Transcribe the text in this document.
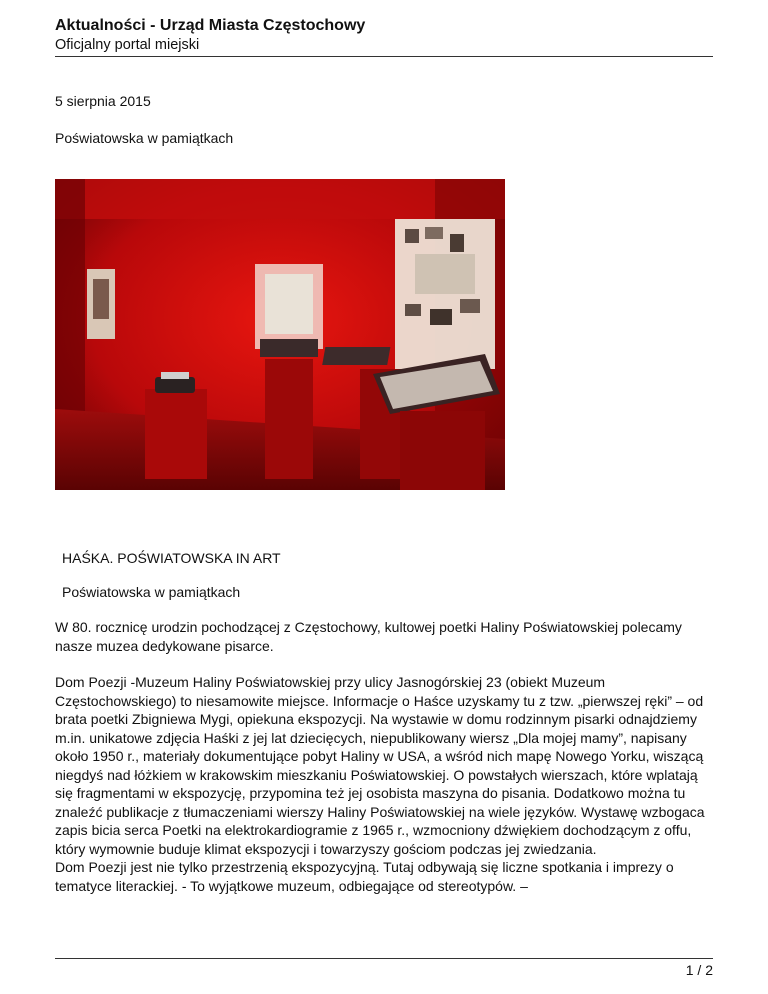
Aktualności - Urząd Miasta Częstochowy
Oficjalny portal miejski
5 sierpnia 2015
Poświatowska w pamiątkach
HAŚKA. POŚWIATOWSKA IN ART
Poświatowska w pamiątkach

W 80. rocznicę urodzin pochodzącej z Częstochowy, kultowej poetki Haliny Poświatowskiej polecamy nasze muzea dedykowane pisarce.

Dom Poezji -Muzeum Haliny Poświatowskiej przy ulicy Jasnogórskiej 23 (obiekt Muzeum Częstochowskiego) to niesamowite miejsce. Informacje o Haśce uzyskamy tu z tzw. „pierwszej ręki” – od brata poetki Zbigniewa Mygi, opiekuna ekspozycji. Na wystawie w domu rodzinnym pisarki odnajdziemy m.in. unikatowe zdjęcia Haśki z jej lat dziecięcych, niepublikowany wiersz „Dla mojej mamy”, napisany około 1950 r., materiały dokumentujące pobyt Haliny w USA, a wśród nich mapę Nowego Yorku, wiszącą niegdyś nad łóżkiem w krakowskim mieszkaniu Poświatowskiej. O powstałych wierszach, które wplatają się fragmentami w ekspozycję, przypomina też jej osobista maszyna do pisania. Dodatkowo można tu znaleźć publikacje z tłumaczeniami wierszy Haliny Poświatowskiej na wiele języków. Wystawę wzbogaca zapis bicia serca Poetki na elektrokardiogramie z 1965 r., wzmocniony dźwiękiem dochodzącym z offu, który wymownie buduje klimat ekspozycji i towarzyszy gościom podczas jej zwiedzania.

Dom Poezji jest nie tylko przestrzenią ekspozycyjną. Tutaj odbywają się liczne spotkania i imprezy o tematyce literackiej. - To wyjątkowe muzeum, odbiegające od stereotypów. –

1 / 2
